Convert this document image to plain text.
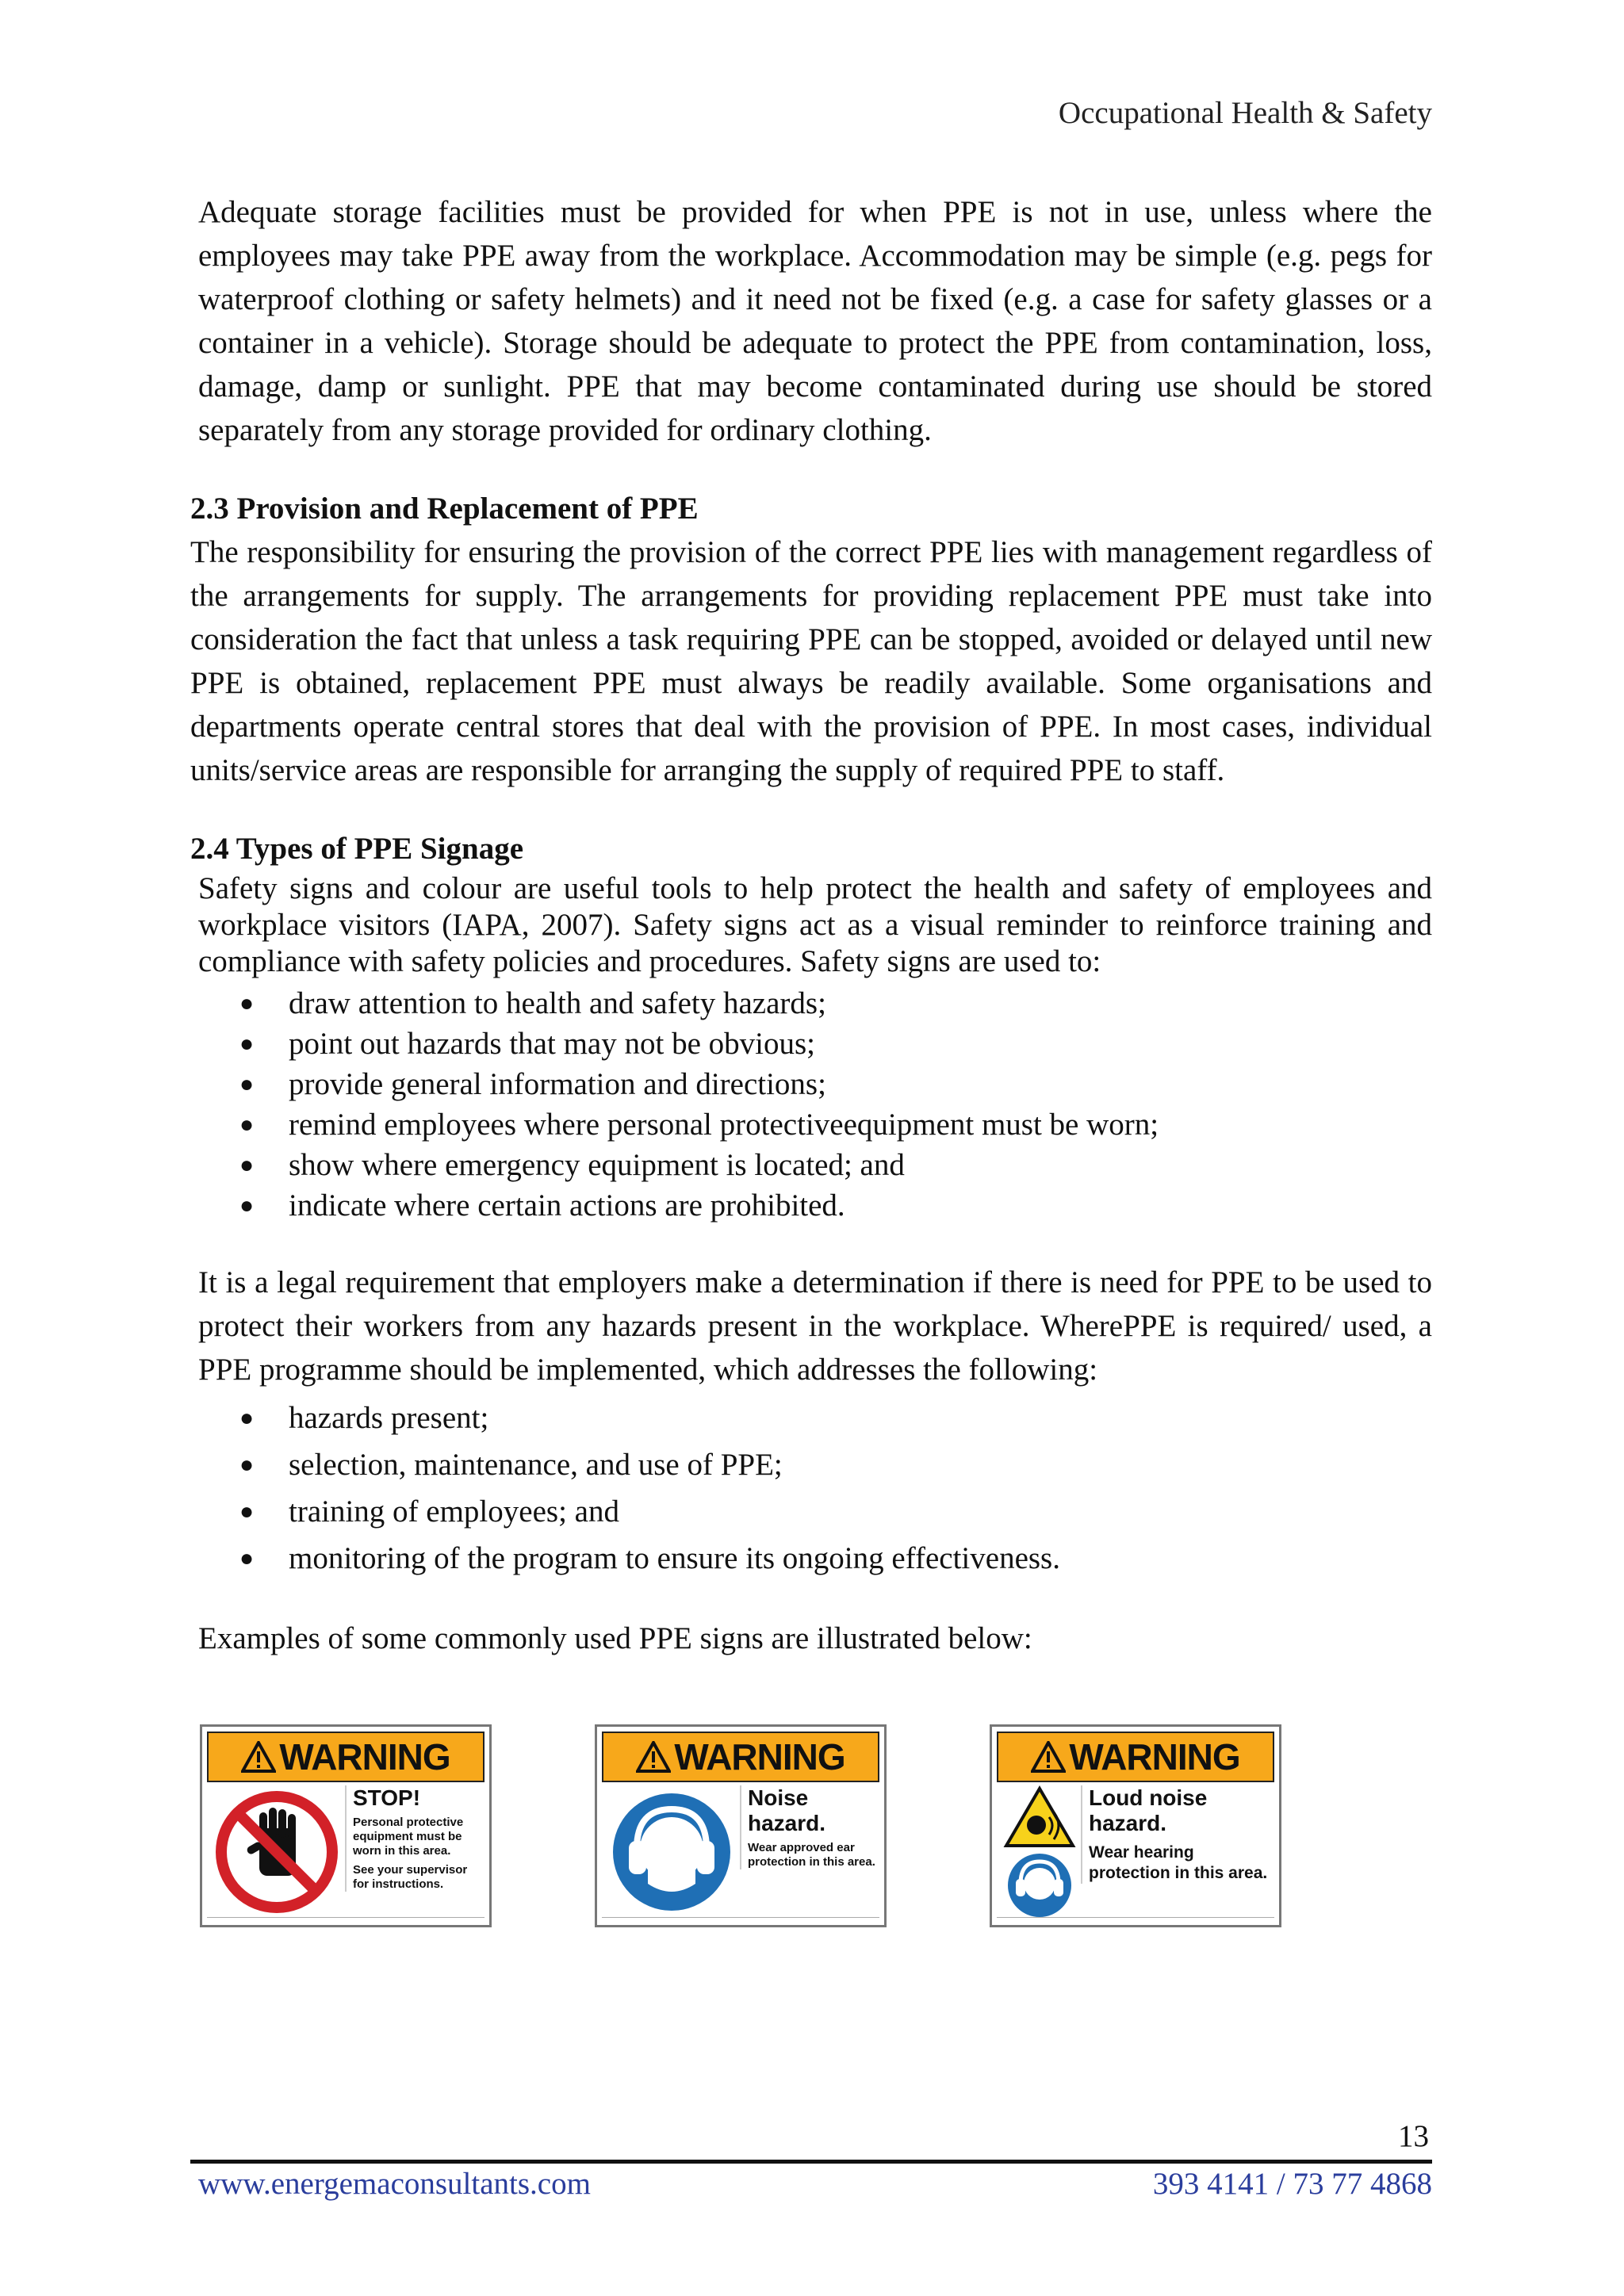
Occupational Health & Safety

Adequate storage facilities must be provided for when PPE is not in use, unless where the employees may take PPE away from the workplace. Accommodation may be simple (e.g. pegs for waterproof clothing or safety helmets) and it need not be fixed (e.g. a case for safety glasses or a container in a vehicle). Storage should be adequate to protect the PPE from contamination, loss, damage, damp or sunlight. PPE that may become contaminated during use should be stored separately from any storage provided for ordinary clothing.

2.3 Provision and Replacement of PPE

The responsibility for ensuring the provision of the correct PPE lies with management regardless of the arrangements for supply. The arrangements for providing replacement PPE must take into consideration the fact that unless a task requiring PPE can be stopped, avoided or delayed until new PPE is obtained, replacement PPE must always be readily available. Some organisations and departments operate central stores that deal with the provision of PPE. In most cases, individual units/service areas are responsible for arranging the supply of required PPE to staff.

2.4 Types of PPE Signage

Safety signs and colour are useful tools to help protect the health and safety of employees and workplace visitors (IAPA, 2007). Safety signs act as a visual reminder to reinforce training and compliance with safety policies and procedures. Safety signs are used to:

● draw attention to health and safety hazards;
● point out hazards that may not be obvious;
● provide general information and directions;
● remind employees where personal protectiveequipment must be worn;
● show where emergency equipment is located; and
● indicate where certain actions are prohibited.

It is a legal requirement that employers make a determination if there is need for PPE to be used to protect their workers from any hazards present in the workplace. WherePPE is required/ used, a PPE programme should be implemented, which addresses the following:

● hazards present;
● selection, maintenance, and use of PPE;
● training of employees; and
● monitoring of the program to ensure its ongoing effectiveness.

Examples of some commonly used PPE signs are illustrated below:

WARNING
STOP!
Personal protective equipment must be worn in this area.
See your supervisor for instructions.
WARNING
Noise hazard.
Wear approved ear protection in this area.
WARNING
Loud noise hazard.
Wear hearing protection in this area.
13
www.energemaconsultants.com	393 4141 / 73 77 4868
